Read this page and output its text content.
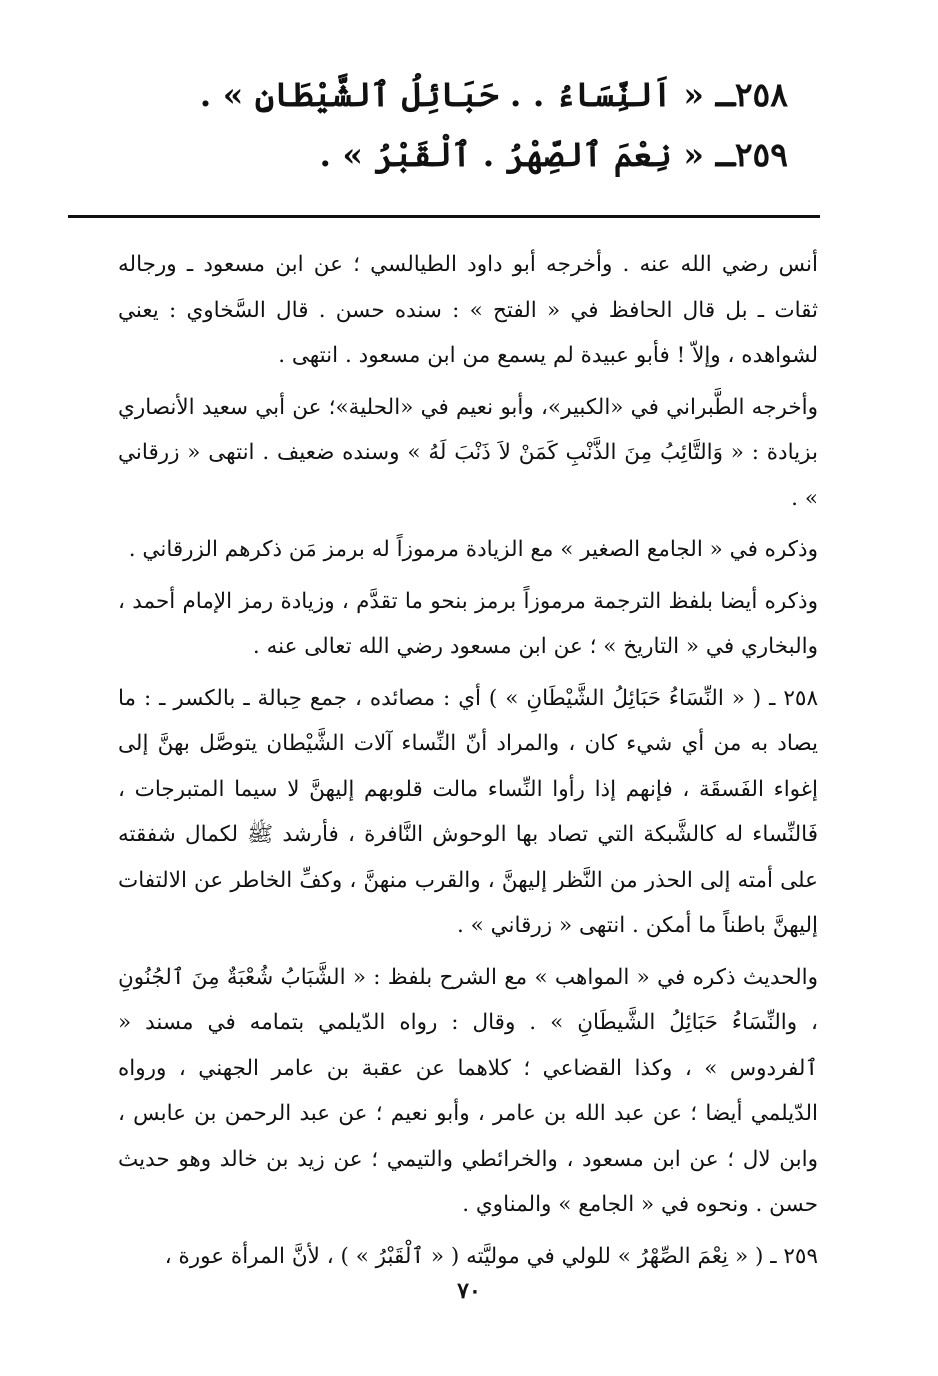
٢٥٨ـ « اَلنِّسَاءُ . . حَبَائِلُ ٱلشَّيْطَانِ » .
٢٥٩ـ « نِعْمَ ٱلصِّهْرُ . ٱلْقَبْرُ » .

أنس رضي الله عنه . وأخرجه أبو داود الطيالسي ؛ عن ابن مسعود ـ ورجاله ثقات ـ بل قال الحافظ في « الفتح » : سنده حسن . قال السَّخاوي : يعني لشواهده ، وإلاّ ! فأبو عبيدة لم يسمع من ابن مسعود . انتهى .

وأخرجه الطَّبراني في «الكبير»، وأبو نعيم في «الحلية»؛ عن أبي سعيد الأنصاري بزيادة : « وَالتَّائِبُ مِنَ الذَّنْبِ كَمَنْ لاَ ذَنْبَ لَهُ » وسنده ضعيف . انتهى « زرقاني » .

وذكره في « الجامع الصغير » مع الزيادة مرموزاً له برمز مَن ذكرهم الزرقاني .

وذكره أيضا بلفظ الترجمة مرموزاً برمز بنحو ما تقدَّم ، وزيادة رمز الإمام أحمد ، والبخاري في « التاريخ » ؛ عن ابن مسعود رضي الله تعالى عنه .

٢٥٨ ـ ( « النِّسَاءُ حَبَائِلُ الشَّيْطَانِ » ) أي : مصائده ، جمع حِبالة ـ بالكسر ـ : ما يصاد به من أي شيء كان ، والمراد أنّ النِّساء آلات الشَّيْطان يتوصَّل بهنَّ إلى إغواء الفَسقَة ، فإنهم إذا رأوا النِّساء مالت قلوبهم إليهنَّ لا سيما المتبرجات ، فَالنِّساء له كالشَّبكة التي تصاد بها الوحوش النَّافرة ، فأرشد ﷺ لكمال شفقته على أمته إلى الحذر من النَّظر إليهنَّ ، والقرب منهنَّ ، وكفِّ الخاطر عن الالتفات إليهنَّ باطناً ما أمكن . انتهى « زرقاني » .

والحديث ذكره في « المواهب » مع الشرح بلفظ : « الشَّبَابُ شُعْبَةٌ مِنَ ٱلجُنُونِ ، والنِّسَاءُ حَبَائِلُ الشَّيطَانِ » . وقال : رواه الدّيلمي بتمامه في مسند « ٱلفردوس » ، وكذا القضاعي ؛ كلاهما عن عقبة بن عامر الجهني ، ورواه الدّيلمي أيضا ؛ عن عبد الله بن عامر ، وأبو نعيم ؛ عن عبد الرحمن بن عابس ، وابن لال ؛ عن ابن مسعود ، والخرائطي والتيمي ؛ عن زيد بن خالد وهو حديث حسن . ونحوه في « الجامع » والمناوي .

٢٥٩ ـ ( « نِعْمَ الصِّهْرُ » للولي في موليَّته ( « ٱلْقَبْرُ » ) ، لأنَّ المرأة عورة ،

٧٠
